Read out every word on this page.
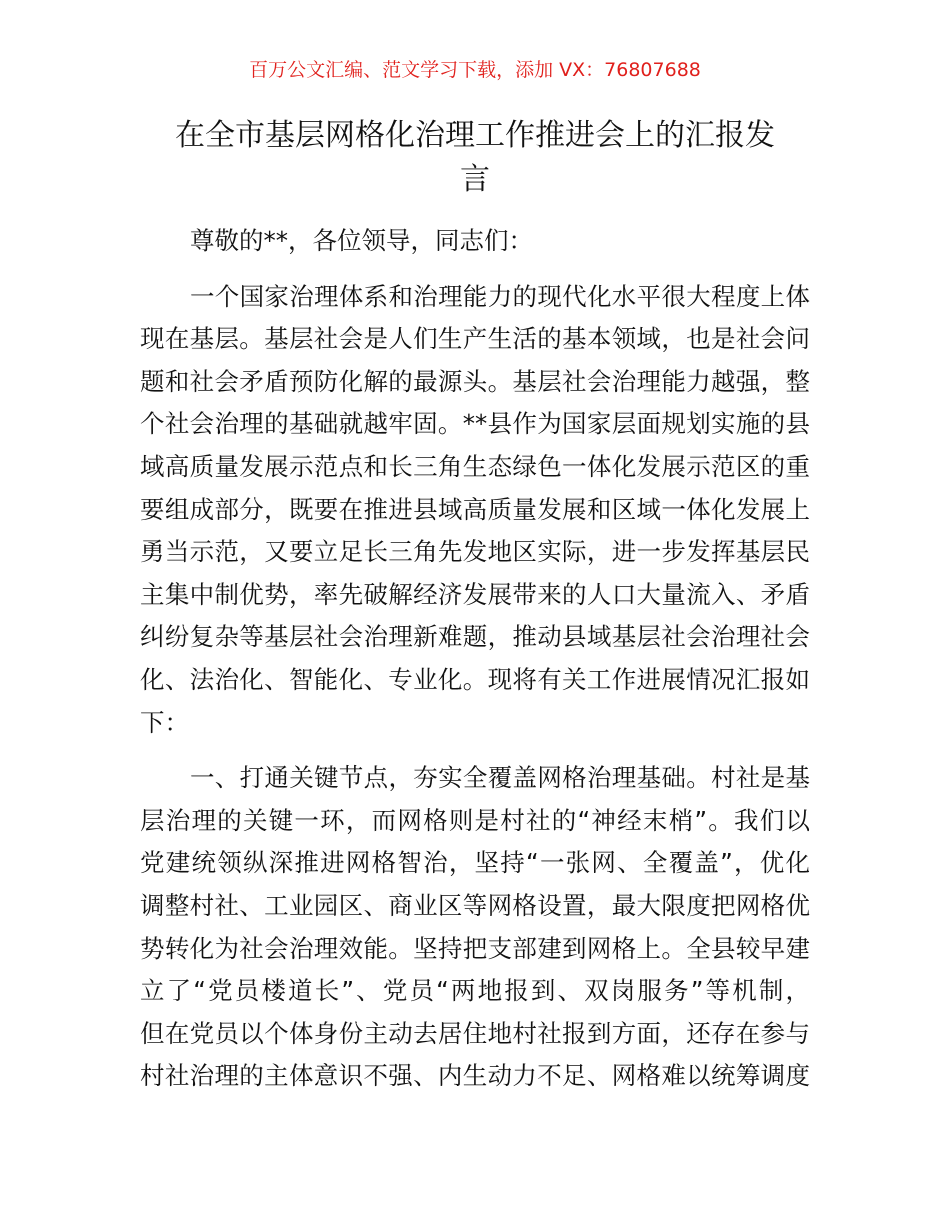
百万公文汇编、范文学习下载，添加 VX：76807688
在全市基层网格化治理工作推进会上的汇报发
言
尊敬的**，各位领导，同志们：
一个国家治理体系和治理能力的现代化水平很大程度上体
现在基层。基层社会是人们生产生活的基本领域，也是社会问
题和社会矛盾预防化解的最源头。基层社会治理能力越强，整
个社会治理的基础就越牢固。**县作为国家层面规划实施的县
域高质量发展示范点和长三角生态绿色一体化发展示范区的重
要组成部分，既要在推进县域高质量发展和区域一体化发展上
勇当示范，又要立足长三角先发地区实际，进一步发挥基层民
主集中制优势，率先破解经济发展带来的人口大量流入、矛盾
纠纷复杂等基层社会治理新难题，推动县域基层社会治理社会
化、法治化、智能化、专业化。现将有关工作进展情况汇报如
下：
一、打通关键节点，夯实全覆盖网格治理基础。村社是基
层治理的关键一环，而网格则是村社的“神经末梢”。我们以
党建统领纵深推进网格智治，坚持“一张网、全覆盖”，优化
调整村社、工业园区、商业区等网格设置，最大限度把网格优
势转化为社会治理效能。坚持把支部建到网格上。全县较早建
立了“党员楼道长”、党员“两地报到、双岗服务”等机制，
但在党员以个体身份主动去居住地村社报到方面，还存在参与
村社治理的主体意识不强、内生动力不足、网格难以统筹调度
